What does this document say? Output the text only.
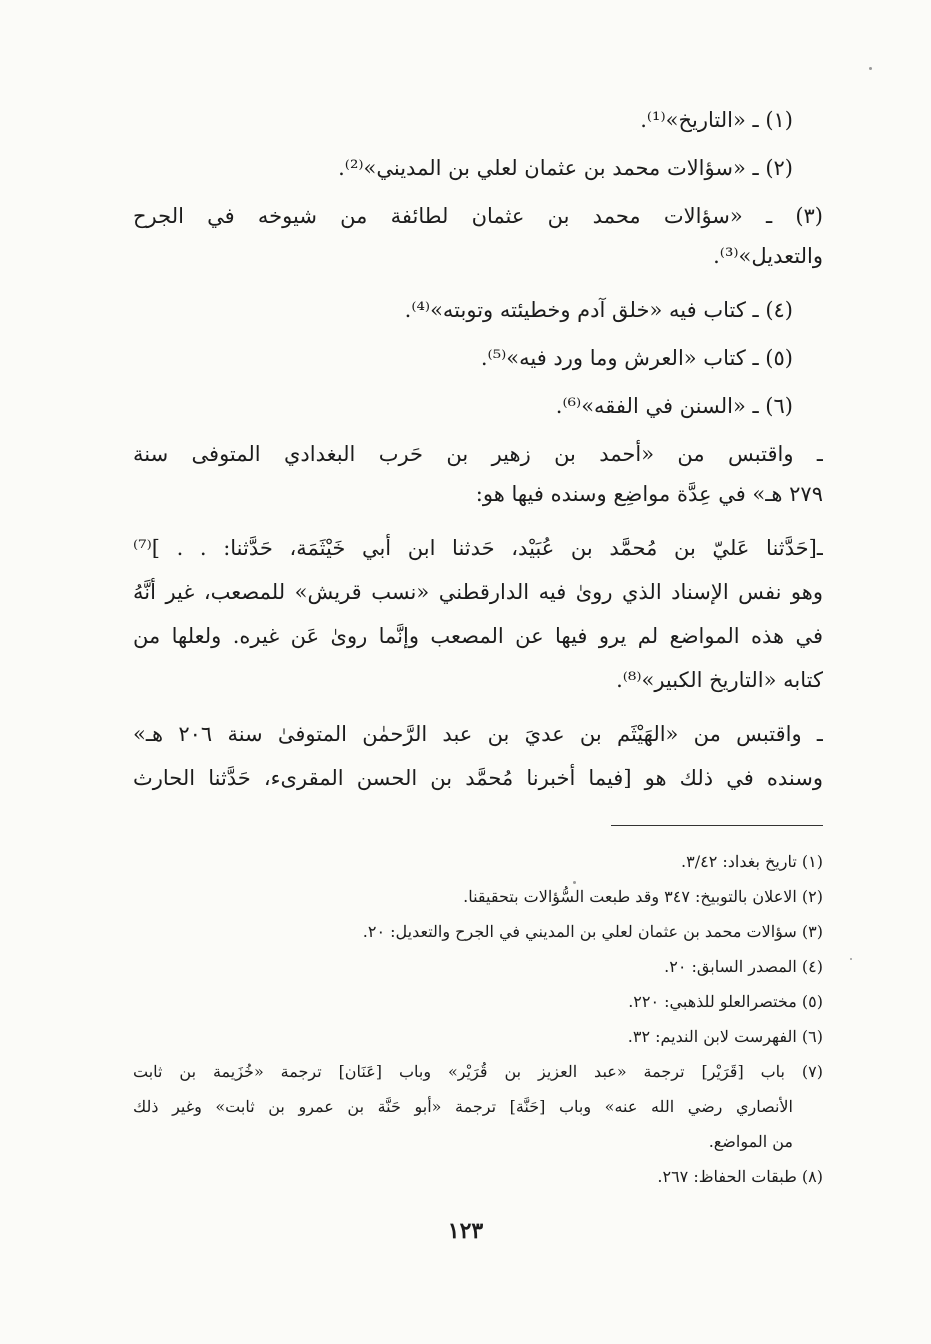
(١) ـ «التاريخ»⁽¹⁾.
(٢) ـ «سؤالات محمد بن عثمان لعلي بن المديني»⁽²⁾.
(٣) ـ «سؤالات محمد بن عثمان لطائفة من شيوخه في الجرح
والتعديل»⁽³⁾.
(٤) ـ كتاب فيه «خلق آدم وخطيئته وتوبته»⁽⁴⁾.
(٥) ـ كتاب «العرش وما ورد فيه»⁽⁵⁾.
(٦) ـ «السنن في الفقه»⁽⁶⁾.
ـ واقتبس من «أحمد بن زهير بن حَرب البغدادي المتوفى سنة
٢٧٩ هـ» في عِدَّة مواضِع وسنده فيها هو:
ـ[حَدَّثنا عَليّ بن مُحمَّد بن عُبَيْد، حَدثنا ابن أبي خَيْثَمَة، حَدَّثنا: . . ]⁽⁷⁾
وهو نفس الإسناد الذي روىٰ فيه الدارقطني «نسب قريش» للمصعب، غير أنَّهُ
في هذه المواضع لم يرو فيها عن المصعب وإنَّما روىٰ عَن غيره. ولعلها من
كتابه «التاريخ الكبير»⁽⁸⁾.
ـ واقتبس من «الهَيْثَم بن عديَ بن عبد الرَّحمٰن المتوفىٰ سنة ٢٠٦ هـ»
وسنده في ذلك هو [فيما أخبرنا مُحمَّد بن الحسن المقرىء، حَدَّثنا الحارث
(١) تاريخ بغداد: ٣/٤٢.
(٢) الاعلان بالتوبيخ: ٣٤٧ وقد طبعت السُّؤالات بتحقيقنا.
(٣) سؤالات محمد بن عثمان لعلي بن المديني في الجرح والتعديل: ٢٠.
(٤) المصدر السابق: ٢٠.
(٥) مختصرالعلو للذهبي: ٢٢٠.
(٦) الفهرست لابن النديم: ٣٢.
(٧) باب [قَرَيْر] ترجمة «عبد العزيز بن قُرَيْر» وباب [عَنَان] ترجمة «خُزَيمة بن ثابت
الأنصاري رضي الله عنه» وباب [حَنَّة] ترجمة «أبو حَنَّة بن عمرو بن ثابت» وغير ذلك
من المواضع.
(٨) طبقات الحفاظ: ٢٦٧.
١٢٣
